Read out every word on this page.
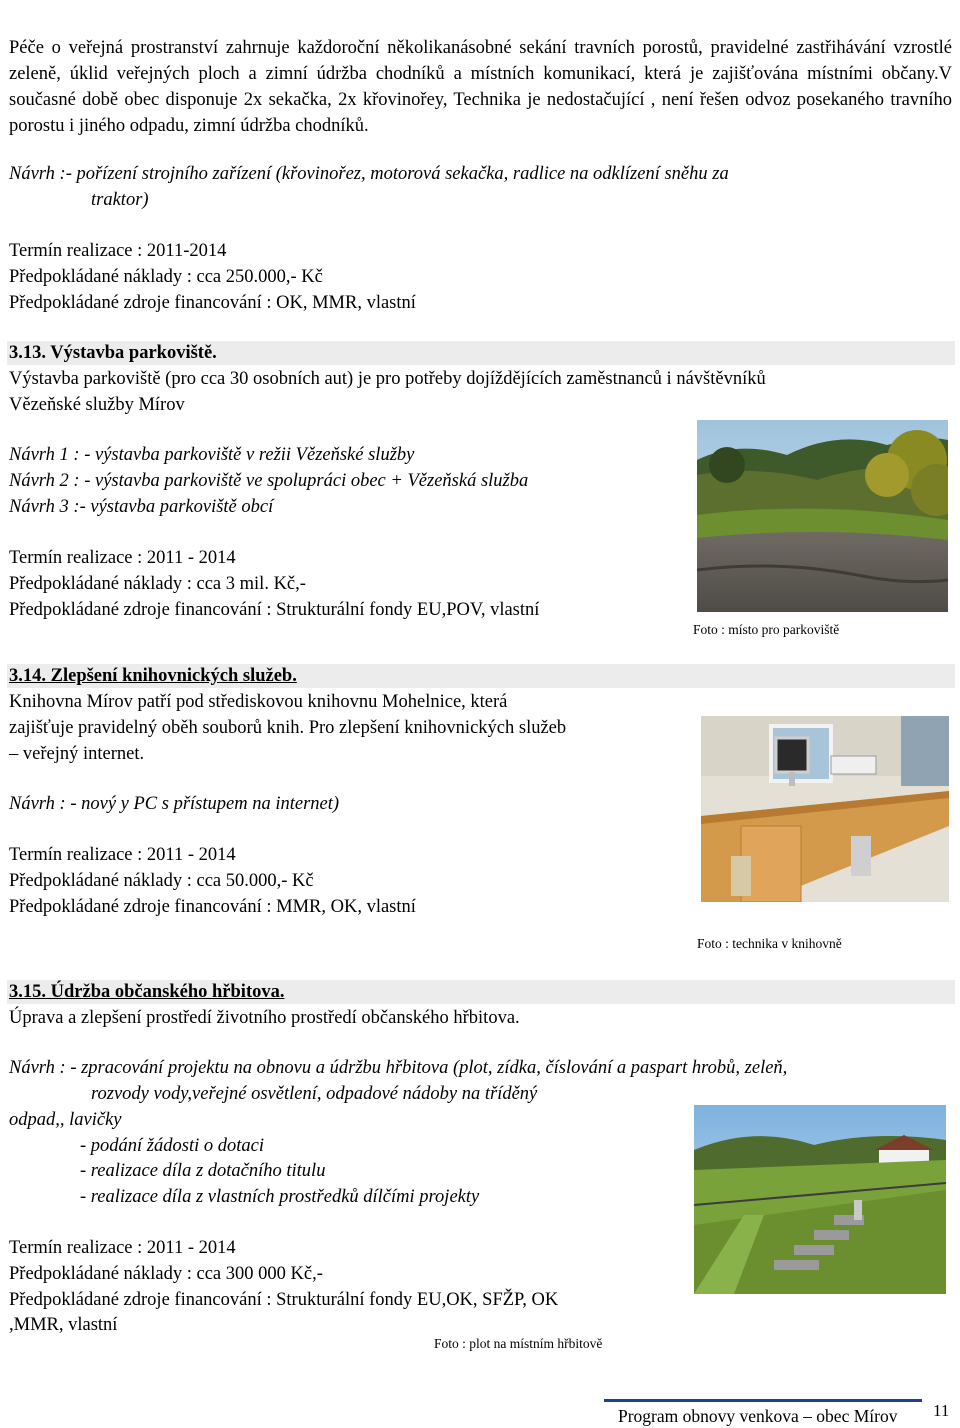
Péče o veřejná prostranství zahrnuje každoroční několikanásobné sekání travních porostů, pravidelné zastřihávání vzrostlé zeleně, úklid veřejných ploch a zimní údržba chodníků a místních komunikací, která je zajišťována místními občany.V současné době obec disponuje 2x sekačka, 2x křovinořey, Technika je nedostačující , není řešen odvoz posekaného travního porostu i jiného odpadu, zimní údržba chodníků.
Návrh :- pořízení strojního zařízení (křovinořez, motorová sekačka, radlice na odklízení sněhu za
traktor)
Termín realizace : 2011-2014
Předpokládané náklady : cca 250.000,- Kč
Předpokládané zdroje financování : OK, MMR, vlastní
3.13. Výstavba parkoviště.
Výstavba parkoviště (pro cca 30 osobních aut) je pro potřeby dojíždějících zaměstnanců i návštěvníků
Vězeňské služby Mírov
Návrh 1 : - výstavba parkoviště v režii Vězeňské služby
Návrh 2 : - výstavba parkoviště ve spolupráci obec + Vězeňská služba
Návrh 3 :- výstavba parkoviště obcí
Termín realizace : 2011 - 2014
Předpokládané náklady : cca 3 mil. Kč,-
Předpokládané zdroje financování : Strukturální fondy EU,POV, vlastní
Foto : místo pro parkoviště
3.14. Zlepšení knihovnických služeb.
Knihovna Mírov patří pod střediskovou knihovnu Mohelnice, která
zajišťuje pravidelný oběh souborů knih. Pro zlepšení knihovnických služeb
– veřejný internet.
Návrh : - nový y PC s přístupem na internet)
Termín realizace : 2011 - 2014
Předpokládané náklady : cca 50.000,- Kč
Předpokládané zdroje financování : MMR, OK, vlastní
Foto : technika v knihovně
3.15. Údržba občanského hřbitova.
Úprava a zlepšení prostředí životního prostředí občanského hřbitova.
Návrh : - zpracování projektu na obnovu a údržbu hřbitova (plot, zídka, číslování a paspart hrobů, zeleň,
rozvody vody,veřejné osvětlení, odpadové nádoby na tříděný
odpad,, lavičky
- podání žádosti o dotaci
- realizace díla z dotačního titulu
- realizace díla z vlastních prostředků dílčími projekty
Termín realizace : 2011 - 2014
Předpokládané náklady : cca 300 000 Kč,-
Předpokládané zdroje financování : Strukturální fondy EU,OK, SFŽP, OK
,MMR, vlastní
Foto : plot na místním hřbitově
Program obnovy venkova – obec Mírov 11
